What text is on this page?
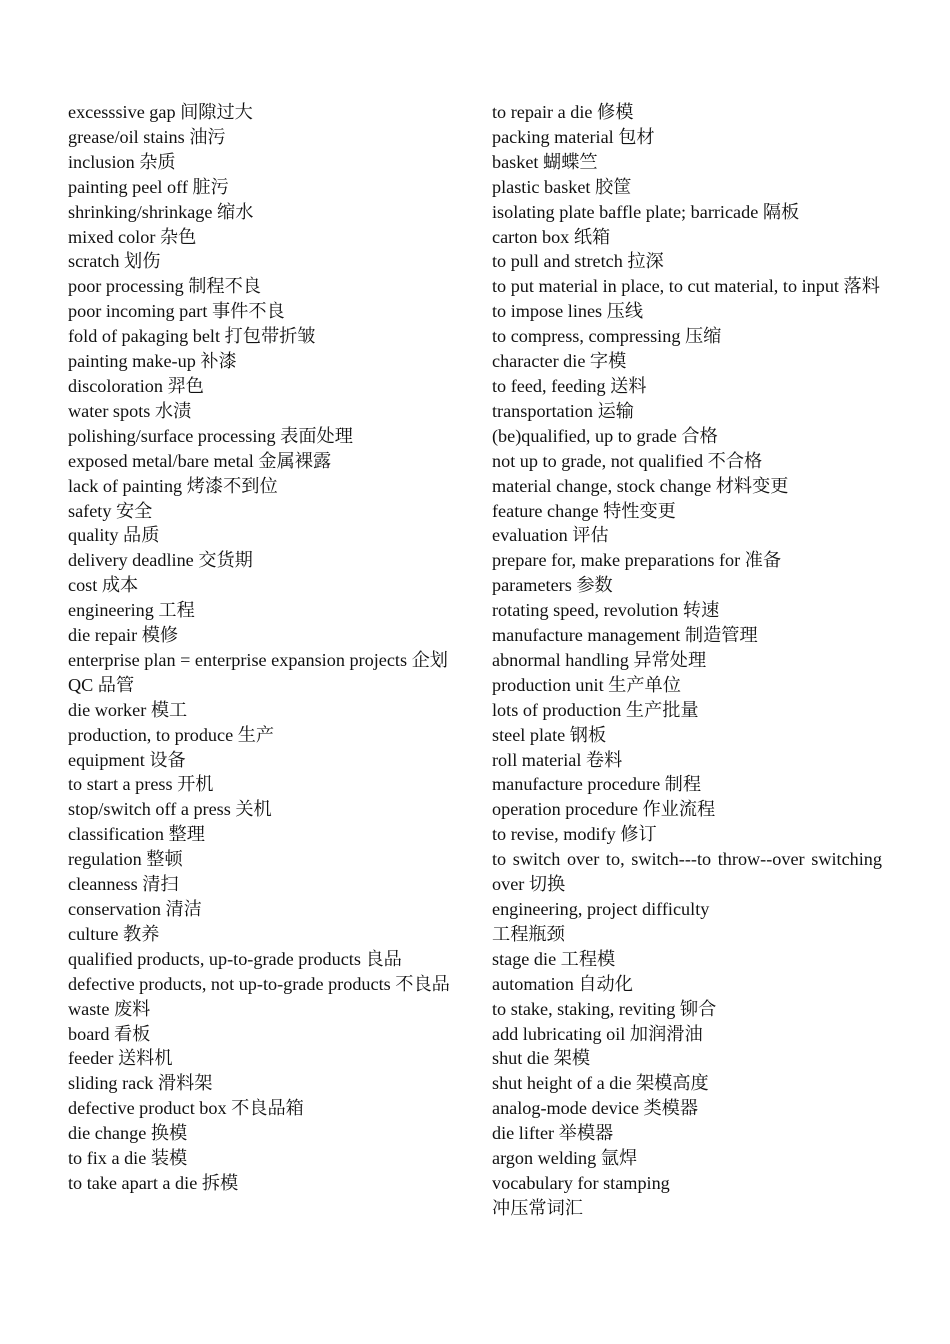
excesssive gap 间隙过大

grease/oil stains 油污

inclusion 杂质

painting peel off 脏污

shrinking/shrinkage 缩水

mixed color 杂色

scratch 划伤

poor processing 制程不良

poor incoming part 事件不良

fold of pakaging belt 打包带折皱

painting make-up 补漆

discoloration 羿色

water spots 水渍

polishing/surface processing 表面处理

exposed metal/bare metal 金属裸露

lack of painting 烤漆不到位

safety 安全

quality 品质

delivery deadline 交货期

cost 成本

engineering 工程

die repair 模修

enterprise plan = enterprise expansion projects 企划

QC 品管

die worker 模工

production, to produce 生产

equipment 设备

to start a press 开机

stop/switch off a press 关机

classification 整理

regulation 整顿

cleanness 清扫

conservation 清洁

culture 教养

qualified products, up-to-grade products 良品

defective products, not up-to-grade products 不良品

waste 废料

board 看板

feeder 送料机

sliding rack 滑料架

defective product box 不良品箱

die change 换模

to fix a die 装模

to take apart a die 拆模

to repair a die 修模

packing material 包材

basket 蝴蝶竺

plastic basket 胶筐

isolating plate baffle plate; barricade 隔板

carton box 纸箱

to pull and stretch 拉深

to put material in place, to cut material, to input 落料

to impose lines 压线

to compress, compressing 压缩

character die 字模

to feed, feeding 送料

transportation 运输

(be)qualified, up to grade 合格

not up to grade, not qualified 不合格

material change, stock change 材料变更

feature change 特性变更

evaluation 评估

prepare for, make preparations for 准备

parameters 参数

rotating speed, revolution 转速

manufacture management 制造管理

abnormal handling 异常处理

production unit 生产单位

lots of production 生产批量

steel plate 钢板

roll material 卷料

manufacture procedure 制程

operation procedure 作业流程

to revise, modify 修订

to switch over to, switch---to throw--over switching over 切换

engineering, project difficulty

工程瓶颈

stage die 工程模

automation 自动化

to stake, staking, reviting 铆合

add lubricating oil 加润滑油

shut die 架模

shut height of a die 架模高度

analog-mode device 类模器

die lifter 举模器

argon welding 氩焊

vocabulary for stamping

冲压常词汇
